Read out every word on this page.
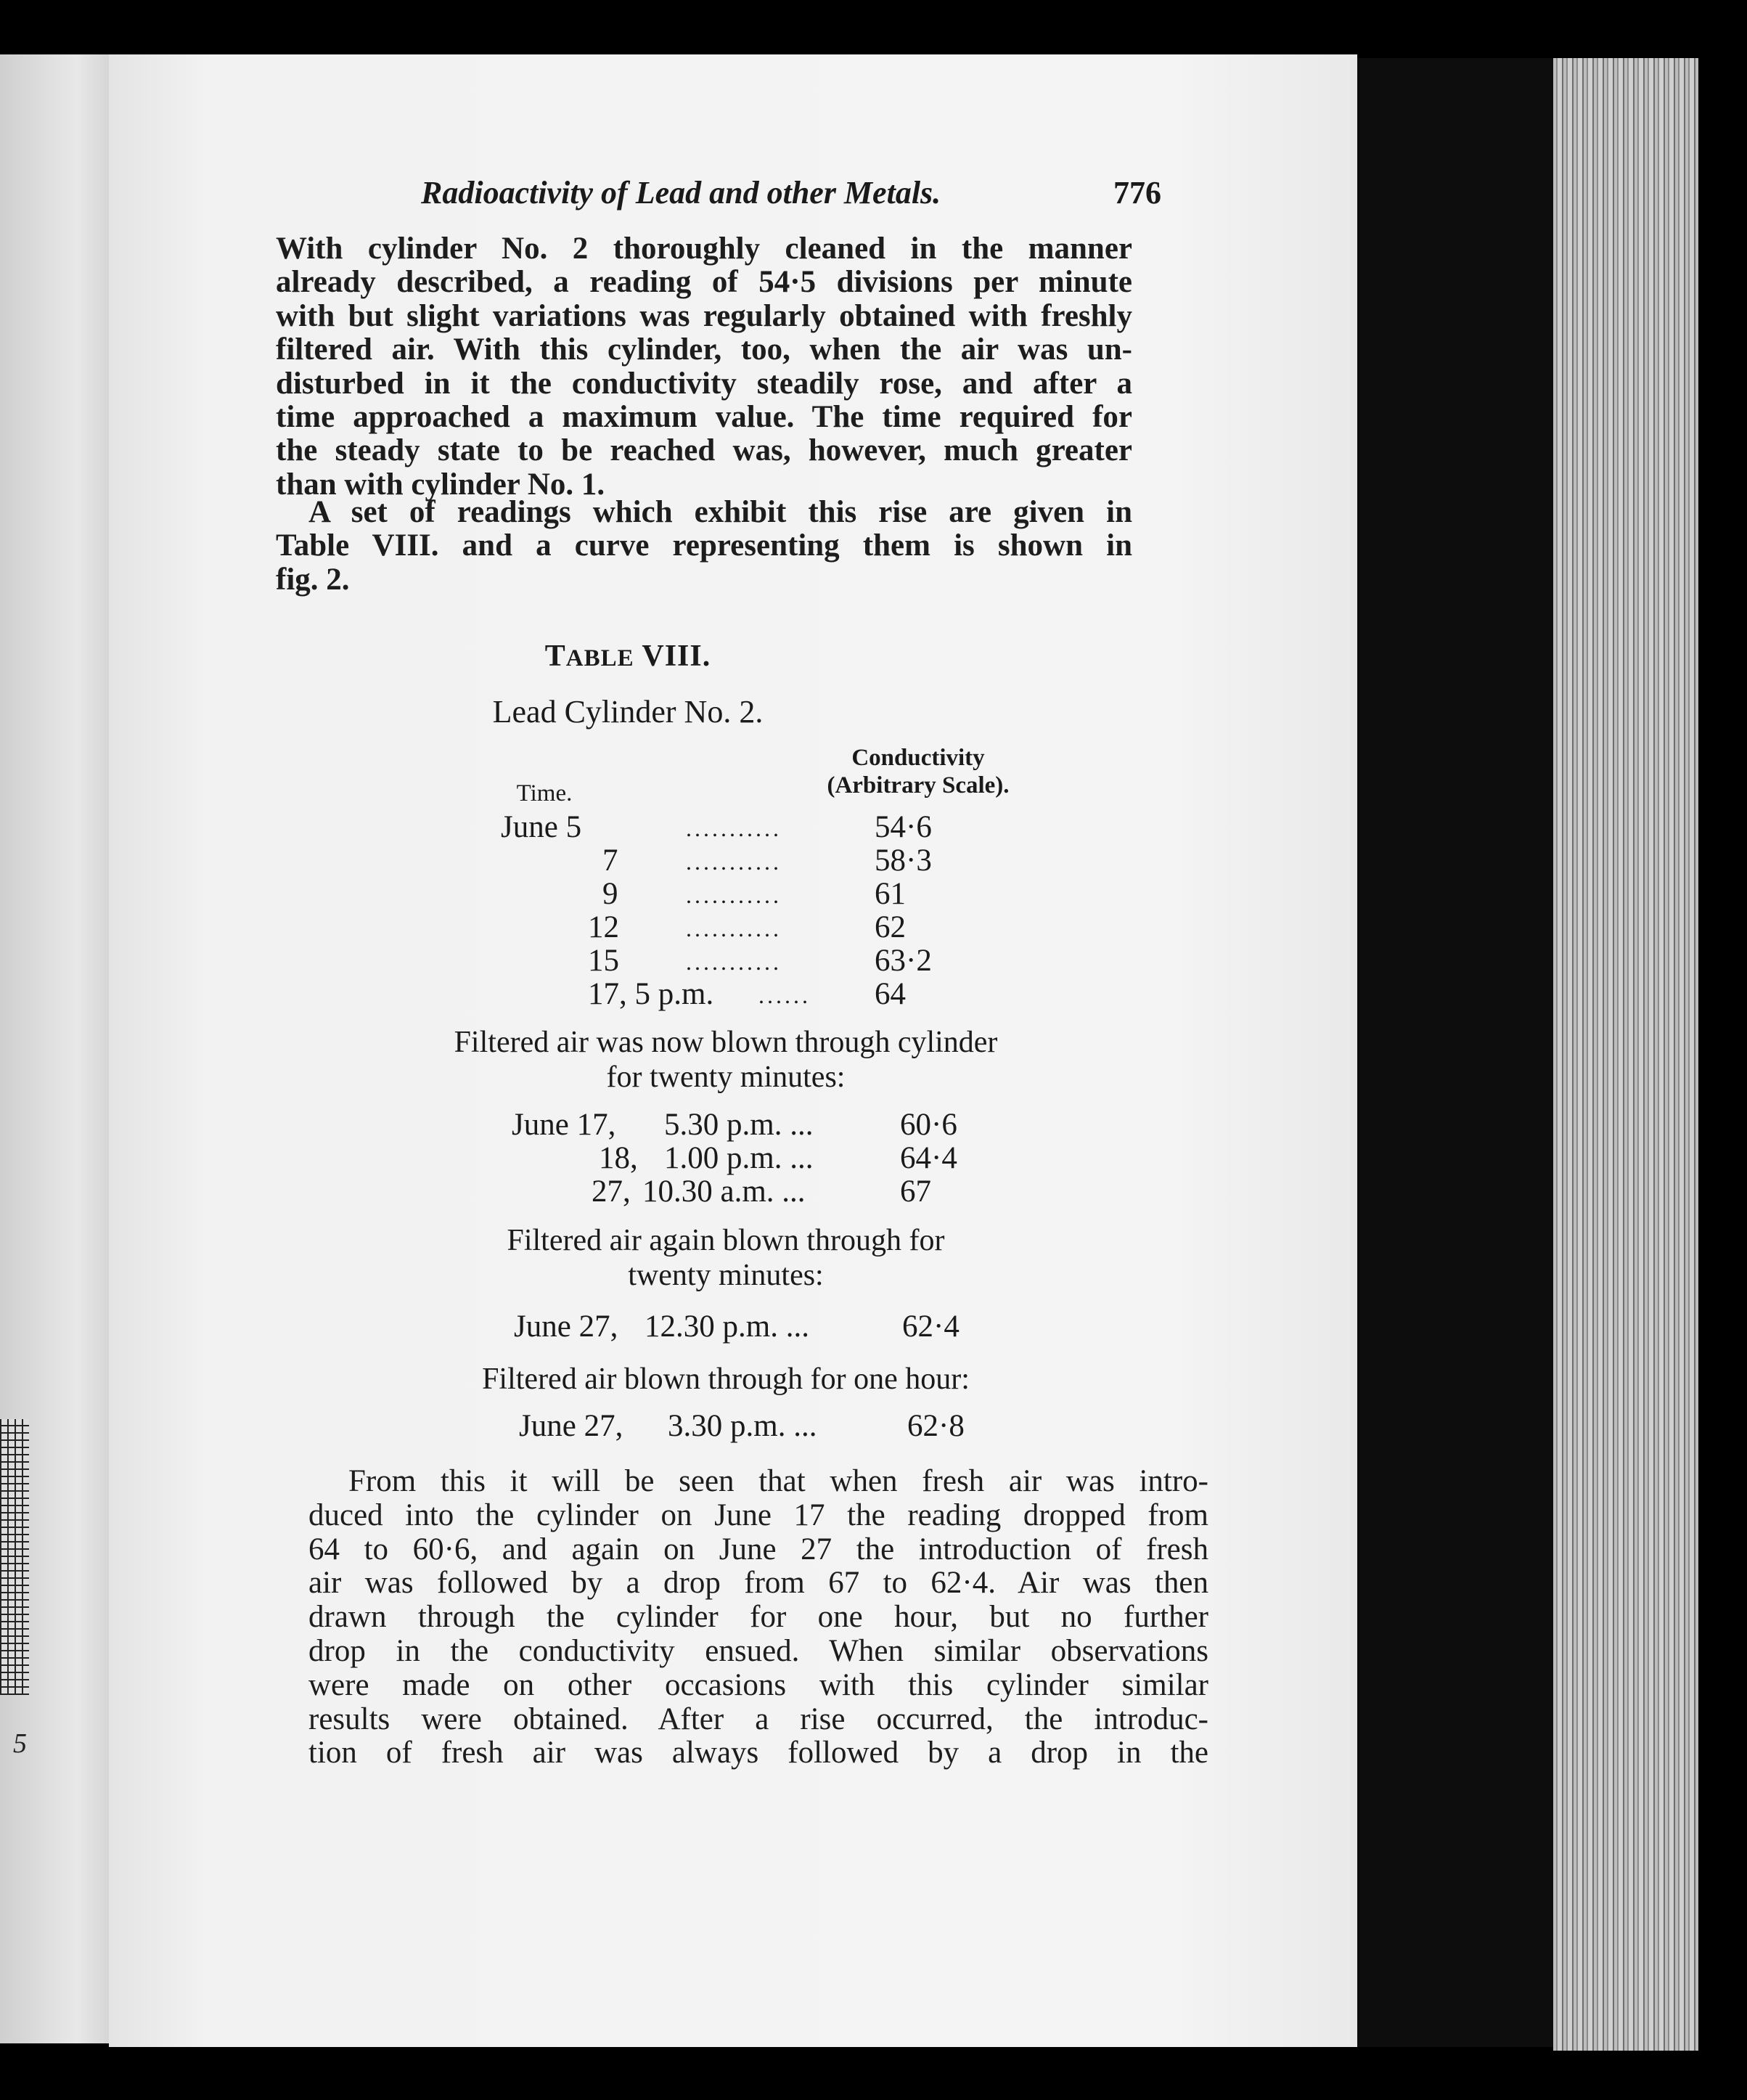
5
Radioactivity of Lead and other Metals.	776
With cylinder No. 2 thoroughly cleaned in the manner
already described, a reading of 54·5 divisions per minute
with but slight variations was regularly obtained with freshly
filtered air. With this cylinder, too, when the air was un-
disturbed in it the conductivity steadily rose, and after a
time approached a maximum value. The time required for
the steady state to be reached was, however, much greater
than with cylinder No. 1.
A set of readings which exhibit this rise are given in
Table VIII. and a curve representing them is shown in
fig. 2.
TABLE VIII.
Lead Cylinder No. 2.
Time.
Conductivity
(Arbitrary Scale).
June 5	...........	54·6
7	...........	58·3
9	...........	61
12	...........	62
15	...........	63·2
17, 5 p.m. ...... 64
Filtered air was now blown through cylinder
for twenty minutes:
June 17, 5.30 p.m. ...	60·6
18, 1.00 p.m. ...	64·4
27, 10.30 a.m. ...	67
Filtered air again blown through for
twenty minutes:
June 27, 12.30 p.m. ...	62·4
Filtered air blown through for one hour:
June 27, 3.30 p.m. ...	62·8
From this it will be seen that when fresh air was intro-
duced into the cylinder on June 17 the reading dropped from
64 to 60·6, and again on June 27 the introduction of fresh
air was followed by a drop from 67 to 62·4. Air was then
drawn through the cylinder for one hour, but no further
drop in the conductivity ensued. When similar observations
were made on other occasions with this cylinder similar
results were obtained. After a rise occurred, the introduc-
tion of fresh air was always followed by a drop in the
